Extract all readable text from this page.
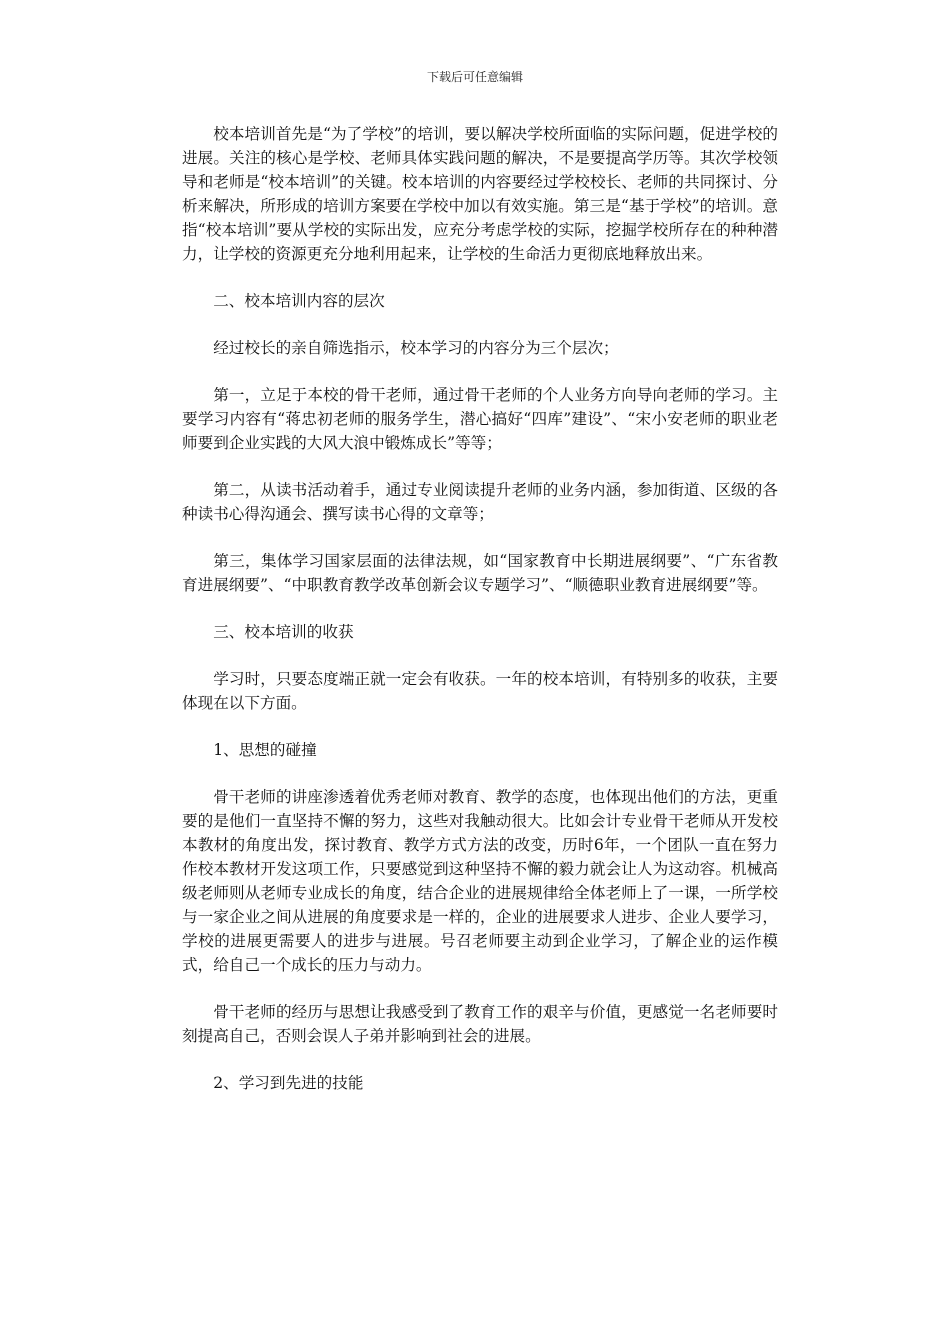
下载后可任意编辑

校本培训首先是“为了学校”的培训，要以解决学校所面临的实际问题，促进学校的进展。关注的核心是学校、老师具体实践问题的解决，不是要提高学历等。其次学校领导和老师是“校本培训”的关键。校本培训的内容要经过学校校长、老师的共同探讨、分析来解决，所形成的培训方案要在学校中加以有效实施。第三是“基于学校”的培训。意指“校本培训”要从学校的实际出发，应充分考虑学校的实际，挖掘学校所存在的种种潜力，让学校的资源更充分地利用起来，让学校的生命活力更彻底地释放出来。

二、校本培训内容的层次

经过校长的亲自筛选指示，校本学习的内容分为三个层次；

第一，立足于本校的骨干老师，通过骨干老师的个人业务方向导向老师的学习。主要学习内容有“蒋忠初老师的服务学生，潜心搞好“四库”建设”、“宋小安老师的职业老师要到企业实践的大风大浪中锻炼成长”等等；

第二，从读书活动着手，通过专业阅读提升老师的业务内涵，参加街道、区级的各种读书心得沟通会、撰写读书心得的文章等；

第三，集体学习国家层面的法律法规，如“国家教育中长期进展纲要”、“广东省教育进展纲要”、“中职教育教学改革创新会议专题学习”、“顺德职业教育进展纲要”等。

三、校本培训的收获

学习时，只要态度端正就一定会有收获。一年的校本培训，有特别多的收获，主要体现在以下方面。

1、思想的碰撞

骨干老师的讲座渗透着优秀老师对教育、教学的态度，也体现出他们的方法，更重要的是他们一直坚持不懈的努力，这些对我触动很大。比如会计专业骨干老师从开发校本教材的角度出发，探讨教育、教学方式方法的改变，历时6年，一个团队一直在努力作校本教材开发这项工作，只要感觉到这种坚持不懈的毅力就会让人为这动容。机械高级老师则从老师专业成长的角度，结合企业的进展规律给全体老师上了一课，一所学校与一家企业之间从进展的角度要求是一样的，企业的进展要求人进步、企业人要学习，学校的进展更需要人的进步与进展。号召老师要主动到企业学习，了解企业的运作模式，给自己一个成长的压力与动力。

骨干老师的经历与思想让我感受到了教育工作的艰辛与价值，更感觉一名老师要时刻提高自己，否则会误人子弟并影响到社会的进展。

2、学习到先进的技能
